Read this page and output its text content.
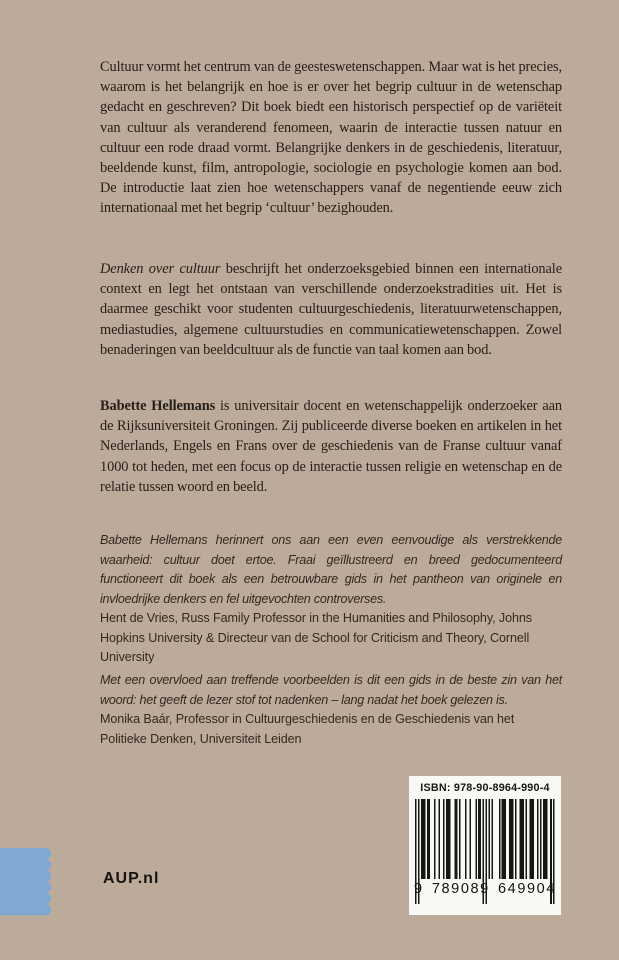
Cultuur vormt het centrum van de geesteswetenschappen. Maar wat is het precies, waarom is het belangrijk en hoe is er over het begrip cultuur in de wetenschap gedacht en geschreven? Dit boek biedt een historisch perspectief op de variëteit van cultuur als veranderend fenomeen, waarin de interactie tussen natuur en cultuur een rode draad vormt. Belangrijke denkers in de geschiedenis, literatuur, beeldende kunst, film, antropologie, sociologie en psychologie komen aan bod. De introductie laat zien hoe wetenschappers vanaf de negentiende eeuw zich internationaal met het begrip ‘cultuur’ bezighouden.

Denken over cultuur beschrijft het onderzoeksgebied binnen een internationale context en legt het ontstaan van verschillende onderzoekstradities uit. Het is daarmee geschikt voor studenten cultuurgeschiedenis, literatuurwetenschappen, mediastudies, algemene cultuurstudies en communicatiewetenschappen. Zowel benaderingen van beeldcultuur als de functie van taal komen aan bod.

Babette Hellemans is universitair docent en wetenschappelijk onderzoeker aan de Rijksuniversiteit Groningen. Zij publiceerde diverse boeken en artikelen in het Nederlands, Engels en Frans over de geschiedenis van de Franse cultuur vanaf 1000 tot heden, met een focus op de interactie tussen religie en wetenschap en de relatie tussen woord en beeld.

Babette Hellemans herinnert ons aan een even eenvoudige als verstrekkende waarheid: cultuur doet ertoe. Fraai geïllustreerd en breed gedocumenteerd functioneert dit boek als een betrouwbare gids in het pantheon van originele en invloedrijke denkers en fel uitgevochten controverses.

Hent de Vries, Russ Family Professor in the Humanities and Philosophy, Johns Hopkins University & Directeur van de School for Criticism and Theory, Cornell University

Met een overvloed aan treffende voorbeelden is dit een gids in de beste zin van het woord: het geeft de lezer stof tot nadenken – lang nadat het boek gelezen is.

Monika Baár, Professor in Cultuurgeschiedenis en de Geschiedenis van het Politieke Denken, Universiteit Leiden

ISBN: 978-90-8964-990-4
9 789089 649904
AUP.nl
